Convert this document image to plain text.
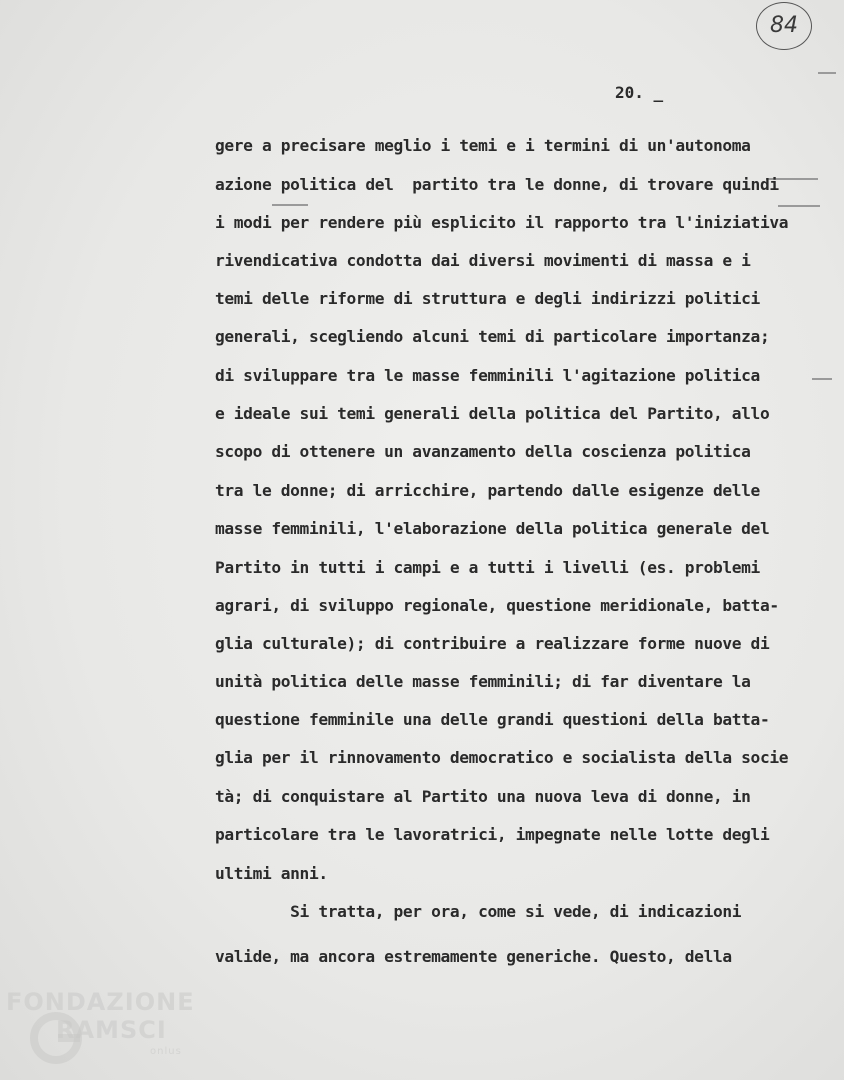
84
20. _
gere a precisare meglio i temi e i termini di un'autonoma
azione politica del  partito tra le donne, di trovare quindi
i modi per rendere più esplicito il rapporto tra l'iniziativa
rivendicativa condotta dai diversi movimenti di massa e i
temi delle riforme di struttura e degli indirizzi politici
generali, scegliendo alcuni temi di particolare importanza;
di sviluppare tra le masse femminili l'agitazione politica
e ideale sui temi generali della politica del Partito, allo
scopo di ottenere un avanzamento della coscienza politica
tra le donne; di arricchire, partendo dalle esigenze delle
masse femminili, l'elaborazione della politica generale del
Partito in tutti i campi e a tutti i livelli (es. problemi
agrari, di sviluppo regionale, questione meridionale, batta-
glia culturale); di contribuire a realizzare forme nuove di
unità politica delle masse femminili; di far diventare la
questione femminile una delle grandi questioni della batta-
glia per il rinnovamento democratico e socialista della socie
tà; di conquistare al Partito una nuova leva di donne, in
particolare tra le lavoratrici, impegnate nelle lotte degli
ultimi anni.
Si tratta, per ora, come si vede, di indicazioni
valide, ma ancora estremamente generiche. Questo, della
FONDAZIONE
RAMSCI
onlus
